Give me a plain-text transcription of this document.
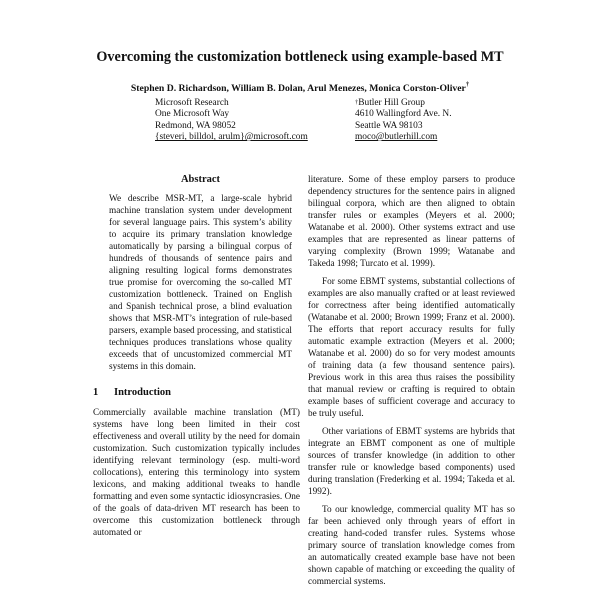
Overcoming the customization bottleneck using example-based MT
Stephen D. Richardson, William B. Dolan, Arul Menezes, Monica Corston-Oliver†
Microsoft Research
One Microsoft Way
Redmond, WA 98052
{steveri, billdol, arulm}@microsoft.com
†Butler Hill Group
4610 Wallingford Ave. N.
Seattle WA 98103
moco@butlerhill.com
Abstract

We describe MSR-MT, a large-scale hybrid machine translation system under development for several language pairs. This system’s ability to acquire its primary translation knowledge automatically by parsing a bilingual corpus of hundreds of thousands of sentence pairs and aligning resulting logical forms demonstrates true promise for overcoming the so-called MT customization bottleneck. Trained on English and Spanish technical prose, a blind evaluation shows that MSR-MT’s integration of rule-based parsers, example based processing, and statistical techniques produces translations whose quality exceeds that of uncustomized commercial MT systems in this domain.

1 Introduction

Commercially available machine translation (MT) systems have long been limited in their cost effectiveness and overall utility by the need for domain customization. Such customization typically includes identifying relevant terminology (esp. multi-word collocations), entering this terminology into system lexicons, and making additional tweaks to handle formatting and even some syntactic idiosyncrasies. One of the goals of data-driven MT research has been to overcome this customization bottleneck through automated or

literature. Some of these employ parsers to produce dependency structures for the sentence pairs in aligned bilingual corpora, which are then aligned to obtain transfer rules or examples (Meyers et al. 2000; Watanabe et al. 2000). Other systems extract and use examples that are represented as linear patterns of varying complexity (Brown 1999; Watanabe and Takeda 1998; Turcato et al. 1999).

For some EBMT systems, substantial collections of examples are also manually crafted or at least reviewed for correctness after being identified automatically (Watanabe et al. 2000; Brown 1999; Franz et al. 2000). The efforts that report accuracy results for fully automatic example extraction (Meyers et al. 2000; Watanabe et al. 2000) do so for very modest amounts of training data (a few thousand sentence pairs). Previous work in this area thus raises the possibility that manual review or crafting is required to obtain example bases of sufficient coverage and accuracy to be truly useful.

Other variations of EBMT systems are hybrids that integrate an EBMT component as one of multiple sources of transfer knowledge (in addition to other transfer rule or knowledge based components) used during translation (Frederking et al. 1994; Takeda et al. 1992).

To our knowledge, commercial quality MT has so far been achieved only through years of effort in creating hand-coded transfer rules. Systems whose primary source of translation knowledge comes from an automatically created example base have not been shown capable of matching or exceeding the quality of commercial systems.
